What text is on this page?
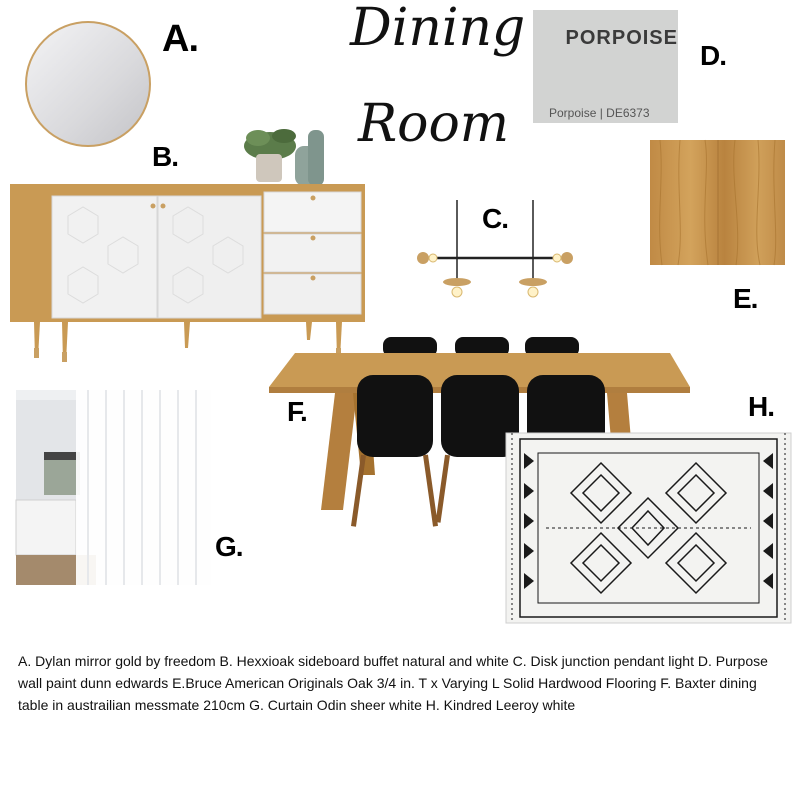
Dining
Room
A.
B.
C.
PORPOISE
Porpoise | DE6373
D.
E.
F.
G.
H.
A. Dylan mirror gold by freedom B. Hexxioak sideboard buffet natural and white C. Disk junction pendant light D. Purpose wall paint dunn edwards E.Bruce American Originals Oak 3/4 in. T x Varying L Solid Hardwood Flooring F. Baxter dining table in austrailian messmate 210cm G. Curtain Odin sheer white H. Kindred Leeroy white
